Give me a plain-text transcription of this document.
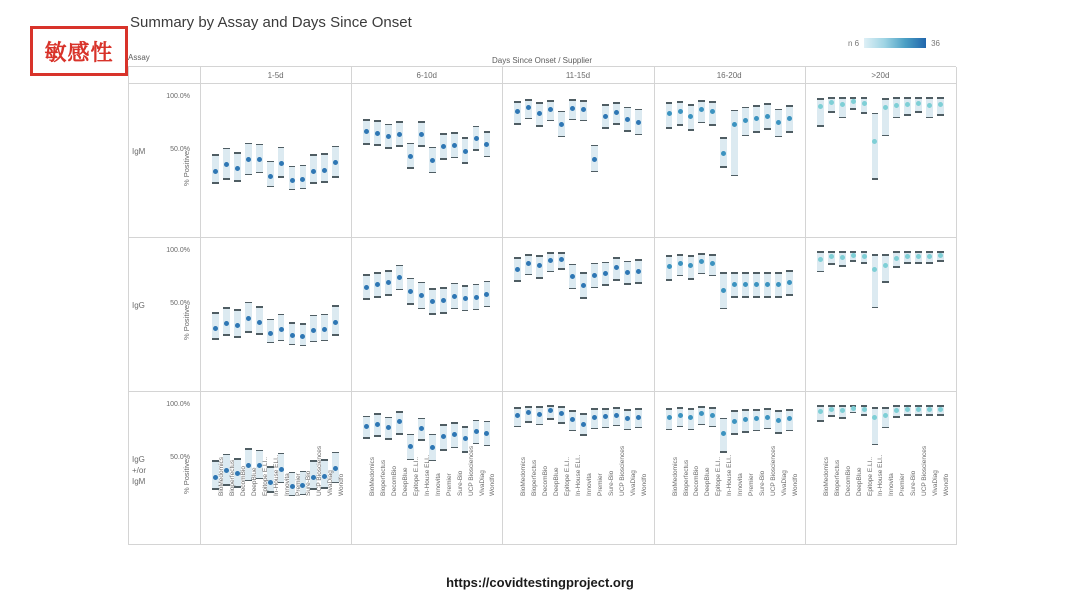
敏感性
Summary by Assay and Days Since Onset
n 6	36
Days Since Onset / Supplier
Assay
1-5d	6-10d	11-15d	16-20d	>20d
IgM	% Positive
100.0%
50.0%
IgG	% Positive
100.0%
50.0%
IgG
+/or
IgM	% Positive
100.0%
50.0%	BioMedomics Bioperfectus DecomBio DeepBlue Epitope E.LI.. In-House ELI.. Innovita Premier Sure-Bio UCP Biosciences VivaDiag Wondfo	BioMedomics Bioperfectus DecomBio DeepBlue Epitope E.LI.. In-House ELI.. Innovita Premier Sure-Bio UCP Biosciences VivaDiag Wondfo	BioMedomics Bioperfectus DecomBio DeepBlue Epitope E.LI.. In-House ELI.. Innovita Premier Sure-Bio UCP Biosciences VivaDiag Wondfo	BioMedomics Bioperfectus DecomBio DeepBlue Epitope E.LI.. In-House ELI.. Innovita Premier Sure-Bio UCP Biosciences VivaDiag Wondfo	BioMedomics Bioperfectus DecomBio DeepBlue Epitope E.LI.. In-House ELI.. Innovita Premier Sure-Bio UCP Biosciences VivaDiag Wondfo
https://covidtestingproject.org
